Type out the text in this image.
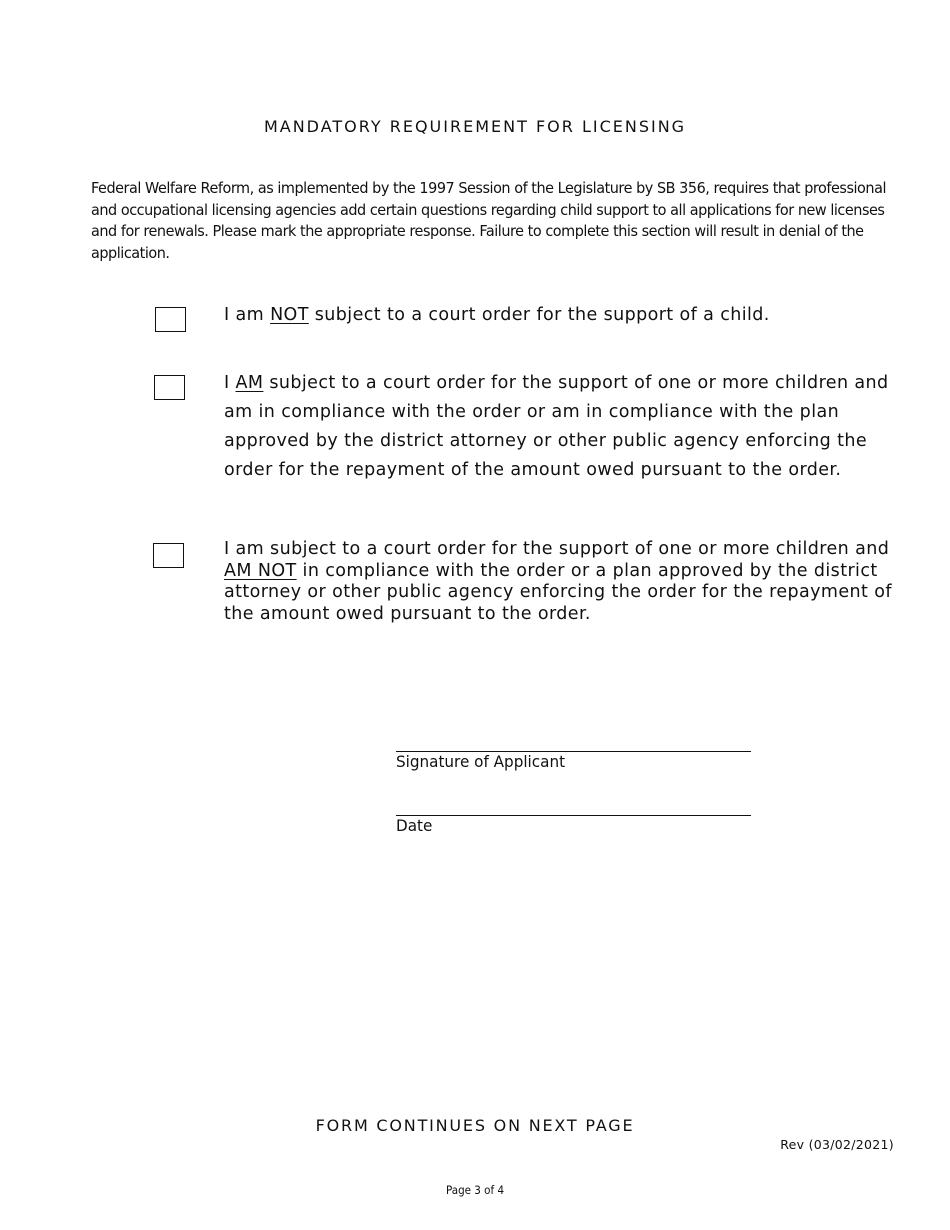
MANDATORY REQUIREMENT FOR LICENSING
Federal Welfare Reform, as implemented by the 1997 Session of the Legislature by SB 356, requires that professional and occupational licensing agencies add certain questions regarding child support to all applications for new licenses and for renewals. Please mark the appropriate response. Failure to complete this section will result in denial of the application.
I am NOT subject to a court order for the support of a child.
I AM subject to a court order for the support of one or more children and am in compliance with the order or am in compliance with the plan approved by the district attorney or other public agency enforcing the order for the repayment of the amount owed pursuant to the order.
I am subject to a court order for the support of one or more children and AM NOT in compliance with the order or a plan approved by the district attorney or other public agency enforcing the order for the repayment of the amount owed pursuant to the order.
Signature of Applicant
Date
FORM CONTINUES ON NEXT PAGE
Rev (03/02/2021)
Page 3 of 4
